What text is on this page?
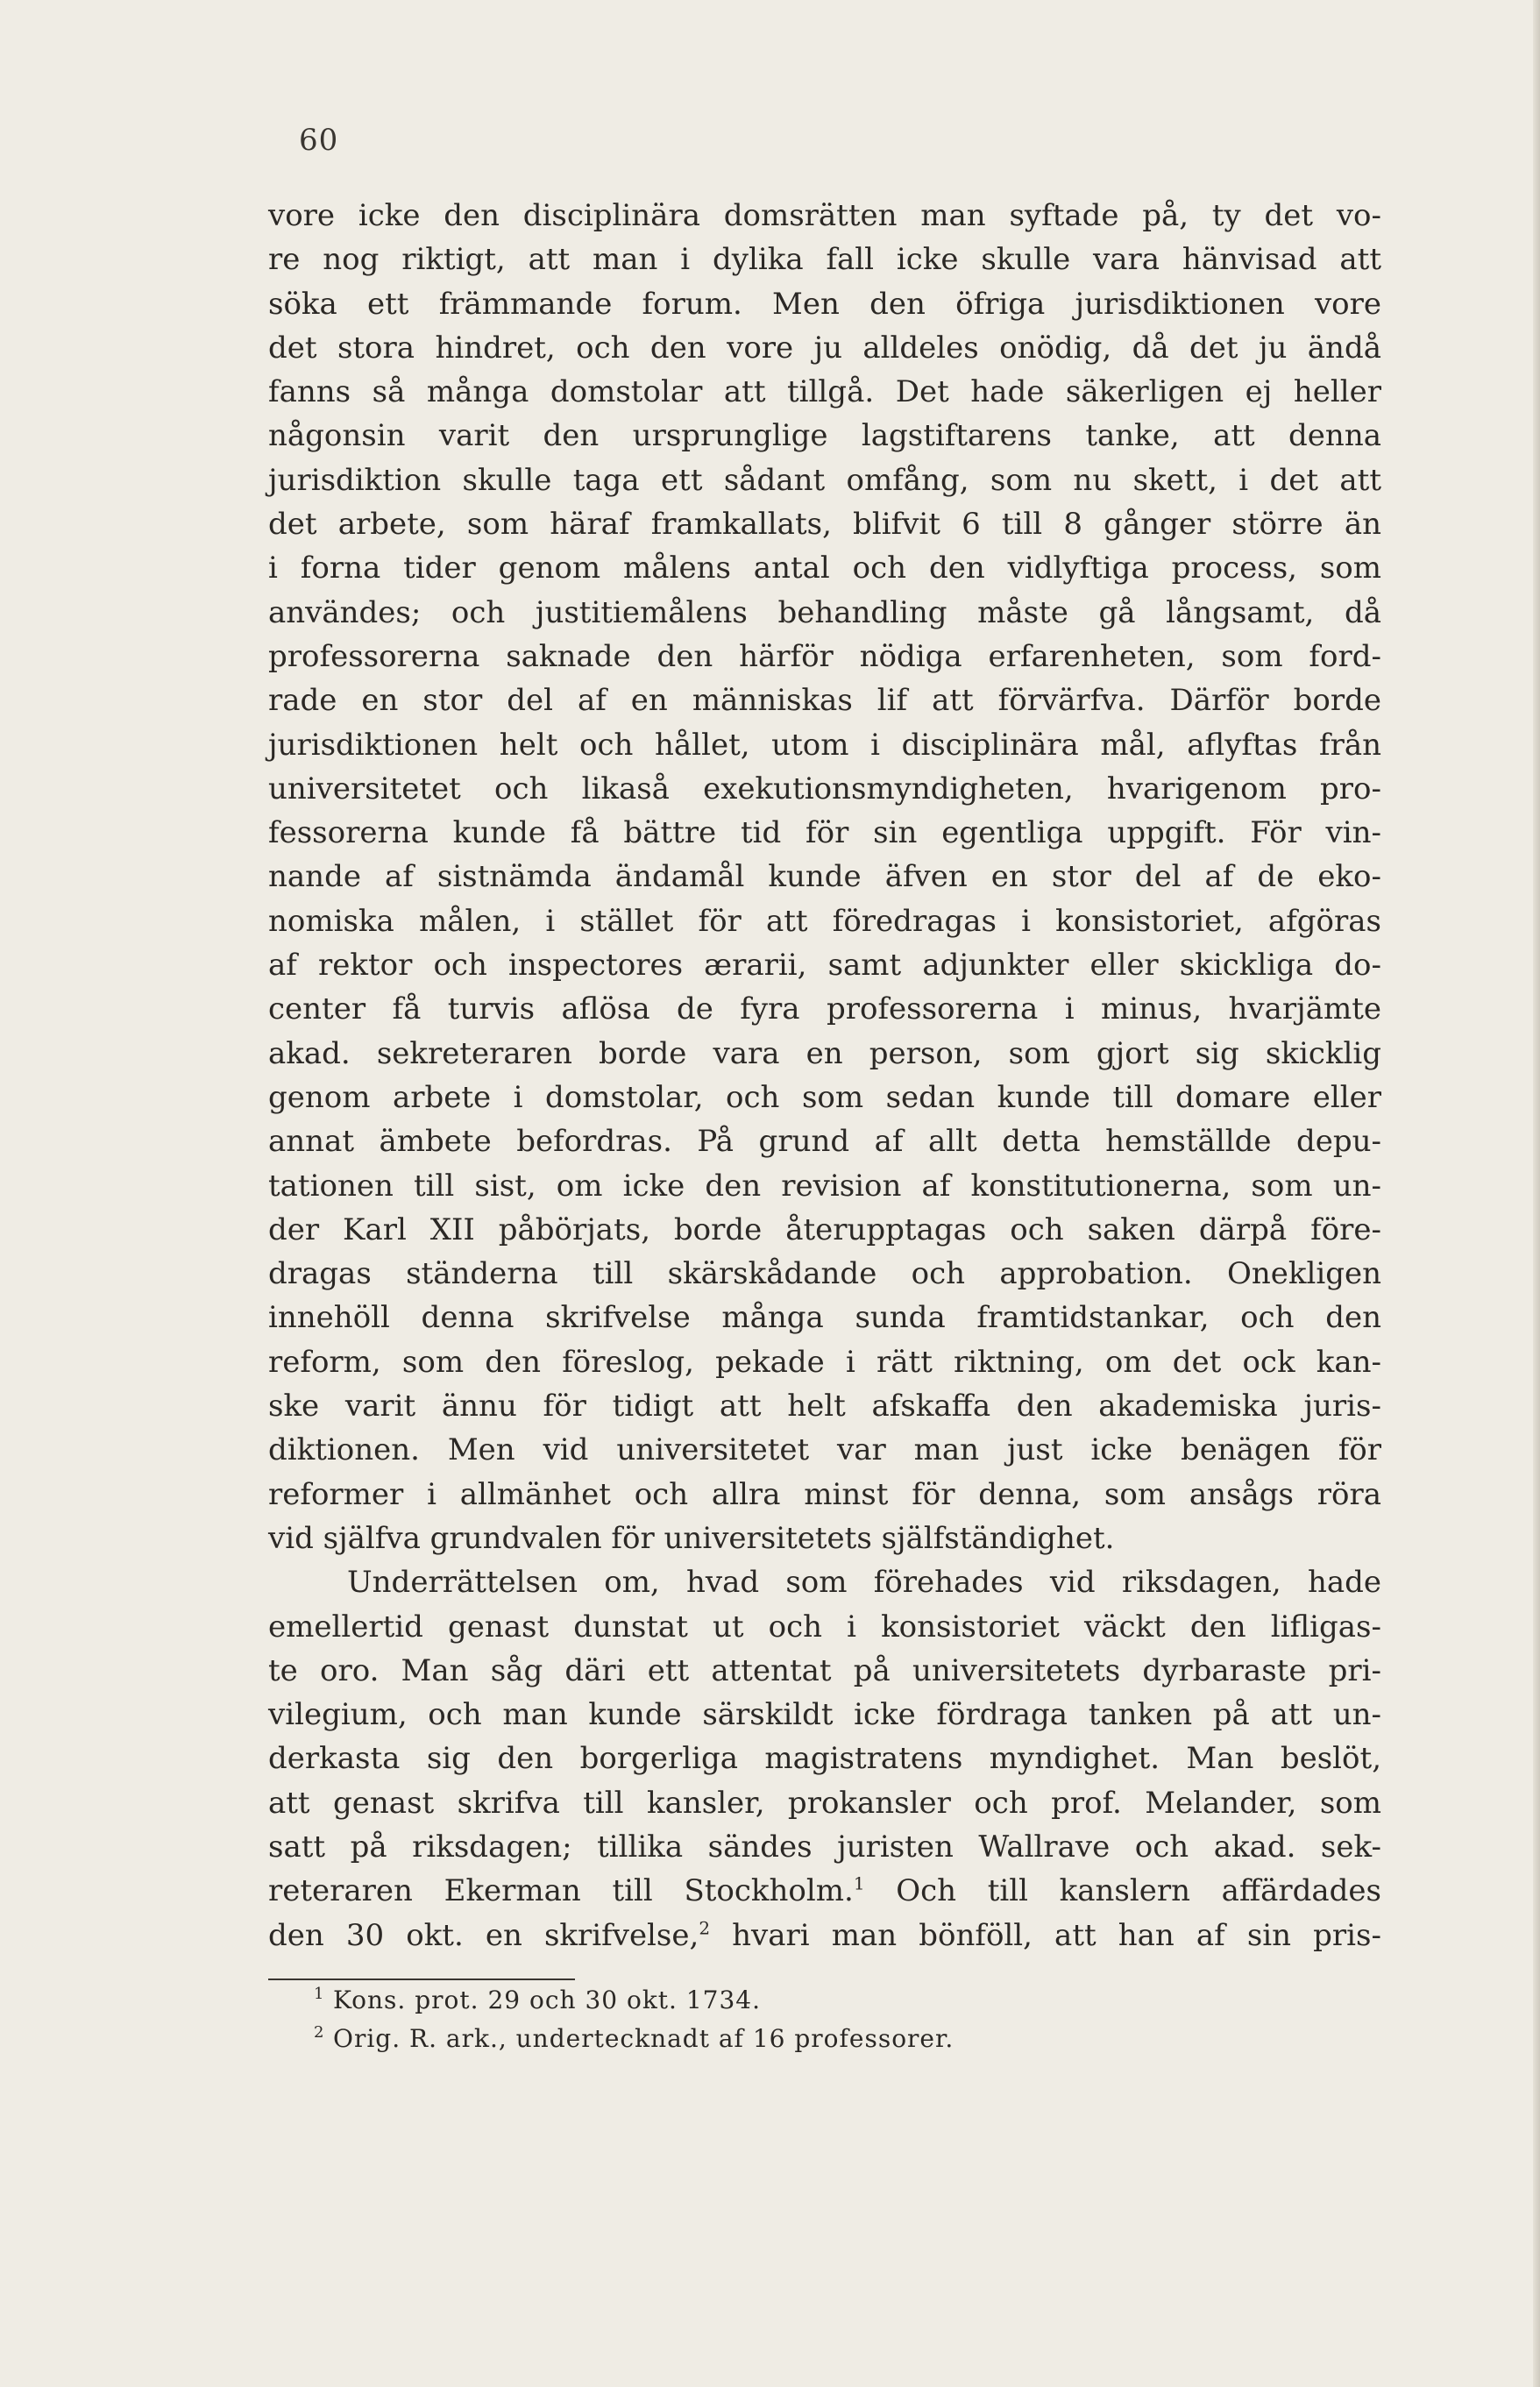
60
vore icke den disciplinära domsrätten man syftade på, ty det vo-
re nog riktigt, att man i dylika fall icke skulle vara hänvisad att
söka ett främmande forum. Men den öfriga jurisdiktionen vore
det stora hindret, och den vore ju alldeles onödig, då det ju ändå
fanns så många domstolar att tillgå. Det hade säkerligen ej heller
någonsin varit den ursprunglige lagstiftarens tanke, att denna
jurisdiktion skulle taga ett sådant omfång, som nu skett, i det att
det arbete, som häraf framkallats, blifvit 6 till 8 gånger större än
i forna tider genom målens antal och den vidlyftiga process, som
användes; och justitiemålens behandling måste gå långsamt, då
professorerna saknade den härför nödiga erfarenheten, som ford-
rade en stor del af en människas lif att förvärfva. Därför borde
jurisdiktionen helt och hållet, utom i disciplinära mål, aflyftas från
universitetet och likaså exekutionsmyndigheten, hvarigenom pro-
fessorerna kunde få bättre tid för sin egentliga uppgift. För vin-
nande af sistnämda ändamål kunde äfven en stor del af de eko-
nomiska målen, i stället för att föredragas i konsistoriet, afgöras
af rektor och inspectores ærarii, samt adjunkter eller skickliga do-
center få turvis aflösa de fyra professorerna i minus, hvarjämte
akad. sekreteraren borde vara en person, som gjort sig skicklig
genom arbete i domstolar, och som sedan kunde till domare eller
annat ämbete befordras. På grund af allt detta hemställde depu-
tationen till sist, om icke den revision af konstitutionerna, som un-
der Karl XII påbörjats, borde återupptagas och saken därpå före-
dragas ständerna till skärskådande och approbation. Onekligen
innehöll denna skrifvelse många sunda framtidstankar, och den
reform, som den föreslog, pekade i rätt riktning, om det ock kan-
ske varit ännu för tidigt att helt afskaffa den akademiska juris-
diktionen. Men vid universitetet var man just icke benägen för
reformer i allmänhet och allra minst för denna, som ansågs röra
vid själfva grundvalen för universitetets själfständighet.
Underrättelsen om, hvad som förehades vid riksdagen, hade
emellertid genast dunstat ut och i konsistoriet väckt den lifligas-
te oro. Man såg däri ett attentat på universitetets dyrbaraste pri-
vilegium, och man kunde särskildt icke fördraga tanken på att un-
derkasta sig den borgerliga magistratens myndighet. Man beslöt,
att genast skrifva till kansler, prokansler och prof. Melander, som
satt på riksdagen; tillika sändes juristen Wallrave och akad. sek-
reteraren Ekerman till Stockholm.$^1$ Och till kanslern affärdades
den 30 okt. en skrifvelse,$^2$ hvari man bönföll, att han af sin pris-
1 Kons. prot. 29 och 30 okt. 1734.
2 Orig. R. ark., undertecknadt af 16 professorer.
